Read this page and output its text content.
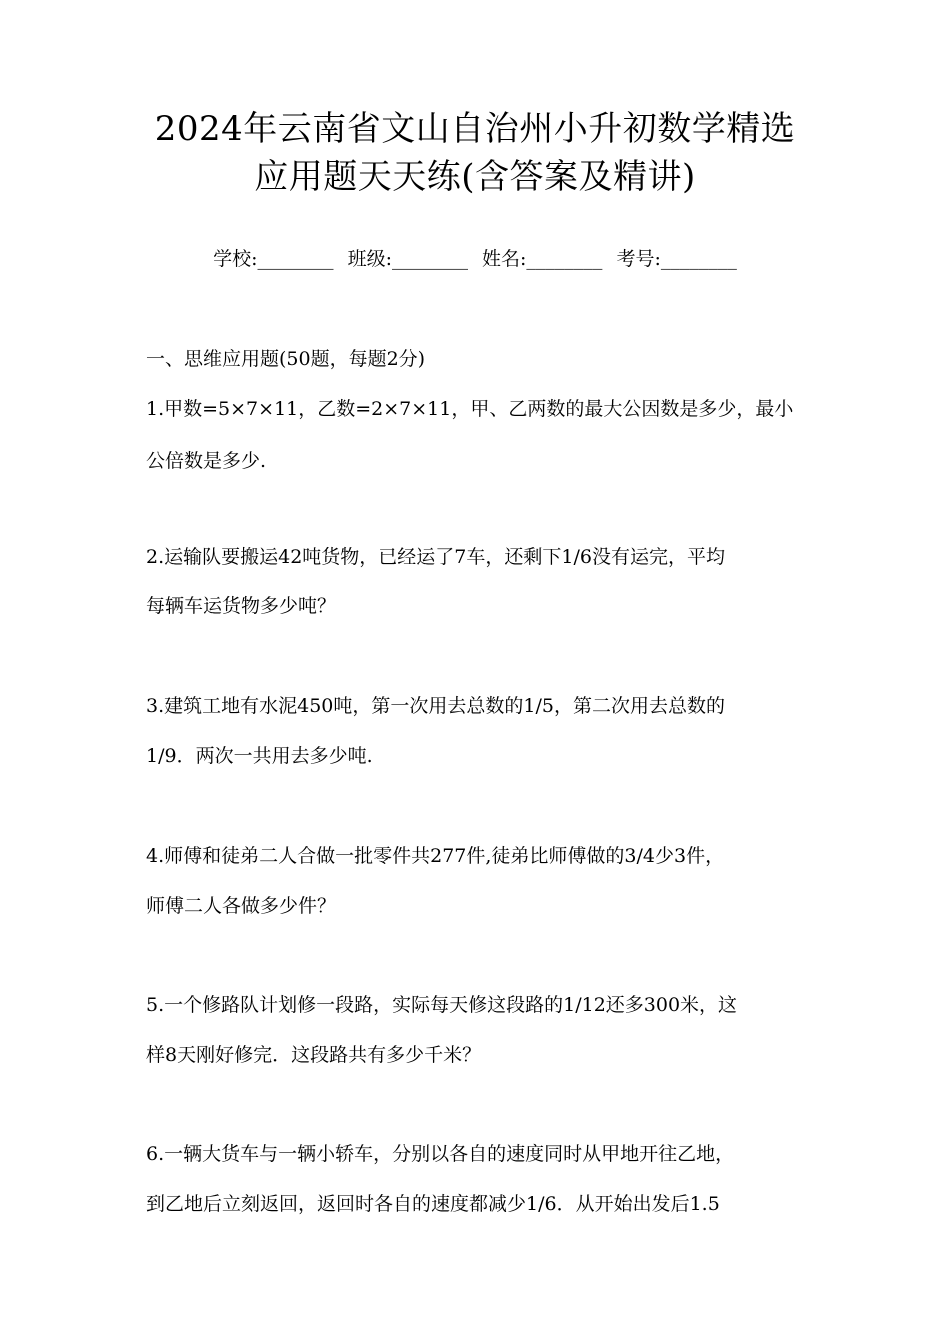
2024年云南省文山自治州小升初数学精选
应用题天天练(含答案及精讲)
学校:________ 班级:________ 姓名:________ 考号:________
一、思维应用题(50题，每题2分)
1.甲数=5×7×11，乙数=2×7×11，甲、乙两数的最大公因数是多少，最小
公倍数是多少.
2.运输队要搬运42吨货物，已经运了7车，还剩下1/6没有运完，平均
每辆车运货物多少吨？
3.建筑工地有水泥450吨，第一次用去总数的1/5，第二次用去总数的
1/9．两次一共用去多少吨.
4.师傅和徒弟二人合做一批零件共277件,徒弟比师傅做的3/4少3件，
师傅二人各做多少件？
5.一个修路队计划修一段路，实际每天修这段路的1/12还多300米，这
样8天刚好修完．这段路共有多少千米？
6.一辆大货车与一辆小轿车，分别以各自的速度同时从甲地开往乙地，
到乙地后立刻返回，返回时各自的速度都减少1/6．从开始出发后1.5
